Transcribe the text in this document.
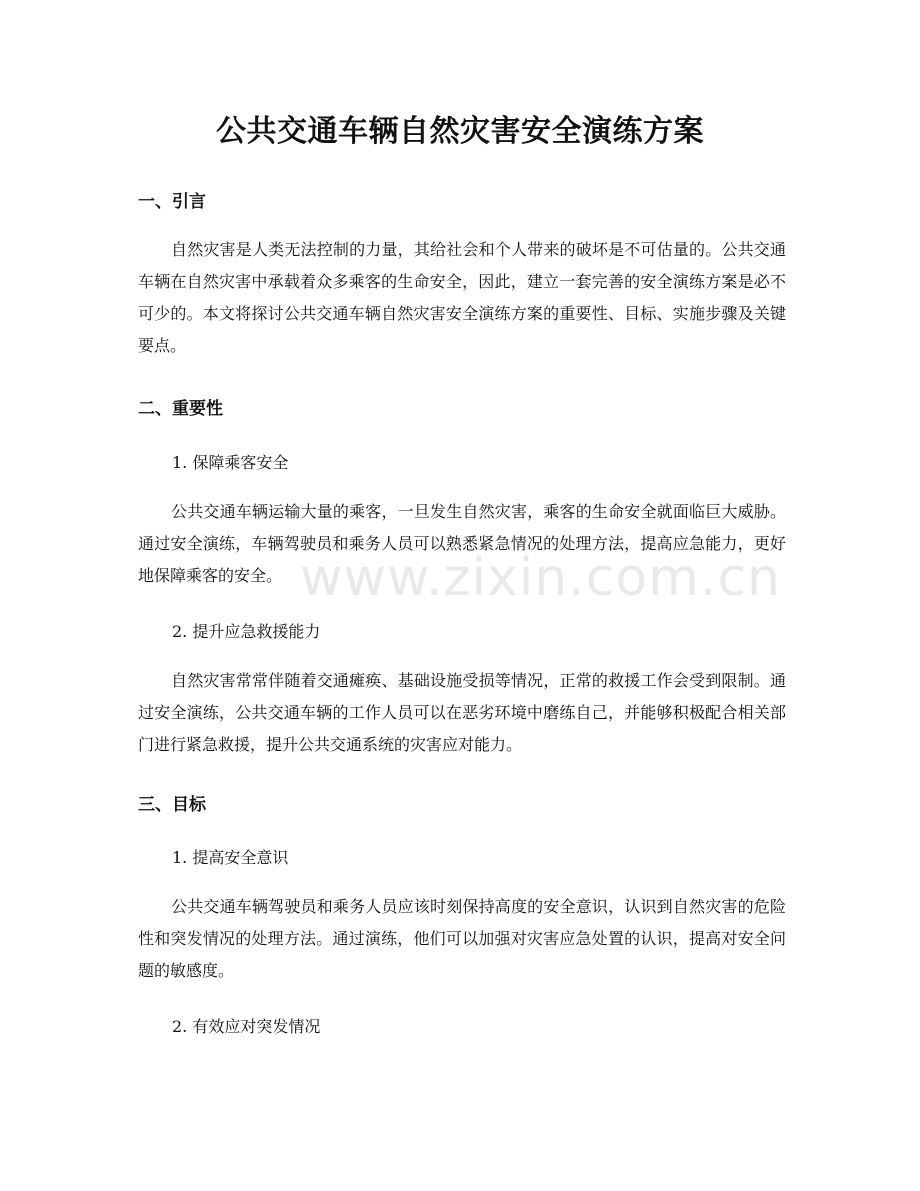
公共交通车辆自然灾害安全演练方案
一、引言

自然灾害是人类无法控制的力量，其给社会和个人带来的破坏是不可估量的。公共交通车辆在自然灾害中承载着众多乘客的生命安全，因此，建立一套完善的安全演练方案是必不可少的。本文将探讨公共交通车辆自然灾害安全演练方案的重要性、目标、实施步骤及关键要点。

二、重要性
1. 保障乘客安全

公共交通车辆运输大量的乘客，一旦发生自然灾害，乘客的生命安全就面临巨大威胁。通过安全演练，车辆驾驶员和乘务人员可以熟悉紧急情况的处理方法，提高应急能力，更好地保障乘客的安全。

2. 提升应急救援能力

自然灾害常常伴随着交通瘫痪、基础设施受损等情况，正常的救援工作会受到限制。通过安全演练，公共交通车辆的工作人员可以在恶劣环境中磨练自己，并能够积极配合相关部门进行紧急救援，提升公共交通系统的灾害应对能力。

三、目标
1. 提高安全意识

公共交通车辆驾驶员和乘务人员应该时刻保持高度的安全意识，认识到自然灾害的危险性和突发情况的处理方法。通过演练，他们可以加强对灾害应急处置的认识，提高对安全问题的敏感度。

2. 有效应对突发情况
www.zixin.com.cn
